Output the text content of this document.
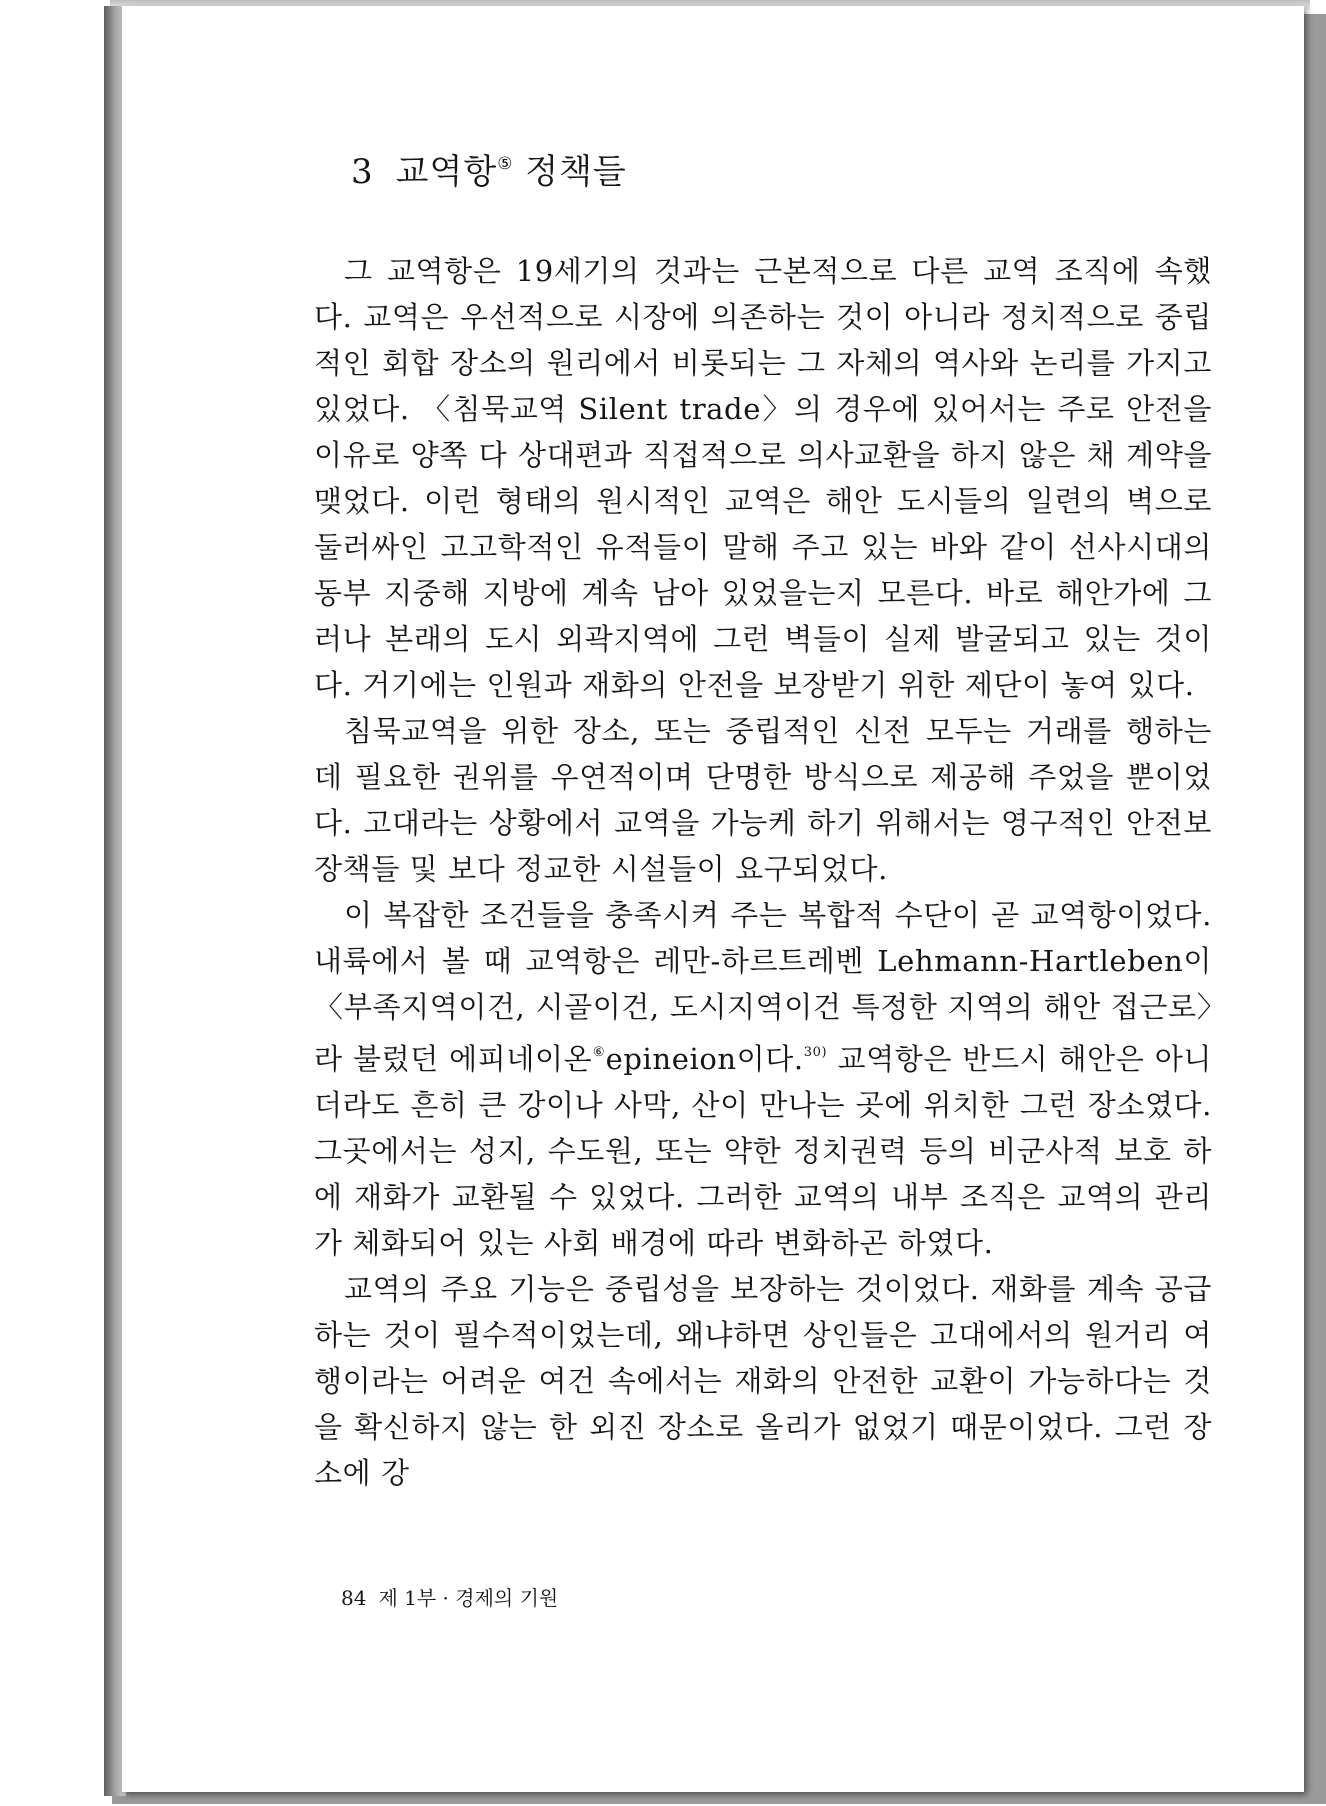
3 교역항⑤ 정책들

그 교역항은 19세기의 것과는 근본적으로 다른 교역 조직에 속했다. 교역은 우선적으로 시장에 의존하는 것이 아니라 정치적으로 중립적인 회합 장소의 원리에서 비롯되는 그 자체의 역사와 논리를 가지고 있었다. 〈침묵교역 Silent trade〉의 경우에 있어서는 주로 안전을 이유로 양쪽 다 상대편과 직접적으로 의사교환을 하지 않은 채 계약을 맺었다. 이런 형태의 원시적인 교역은 해안 도시들의 일련의 벽으로 둘러싸인 고고학적인 유적들이 말해 주고 있는 바와 같이 선사시대의 동부 지중해 지방에 계속 남아 있었을는지 모른다. 바로 해안가에 그러나 본래의 도시 외곽지역에 그런 벽들이 실제 발굴되고 있는 것이다. 거기에는 인원과 재화의 안전을 보장받기 위한 제단이 놓여 있다.

침묵교역을 위한 장소, 또는 중립적인 신전 모두는 거래를 행하는 데 필요한 권위를 우연적이며 단명한 방식으로 제공해 주었을 뿐이었다. 고대라는 상황에서 교역을 가능케 하기 위해서는 영구적인 안전보장책들 및 보다 정교한 시설들이 요구되었다.

이 복잡한 조건들을 충족시켜 주는 복합적 수단이 곧 교역항이었다. 내륙에서 볼 때 교역항은 레만-하르트레벤 Lehmann-Hartleben이 〈부족지역이건, 시골이건, 도시지역이건 특정한 지역의 해안 접근로〉라 불렀던 에피네이온⑥epineion이다.$^{30)}$ 교역항은 반드시 해안은 아니더라도 흔히 큰 강이나 사막, 산이 만나는 곳에 위치한 그런 장소였다. 그곳에서는 성지, 수도원, 또는 약한 정치권력 등의 비군사적 보호 하에 재화가 교환될 수 있었다. 그러한 교역의 내부 조직은 교역의 관리가 체화되어 있는 사회 배경에 따라 변화하곤 하였다.

교역의 주요 기능은 중립성을 보장하는 것이었다. 재화를 계속 공급하는 것이 필수적이었는데, 왜냐하면 상인들은 고대에서의 원거리 여행이라는 어려운 여건 속에서는 재화의 안전한 교환이 가능하다는 것을 확신하지 않는 한 외진 장소로 올리가 없었기 때문이었다. 그런 장소에 강

84 제 1부 · 경제의 기원
